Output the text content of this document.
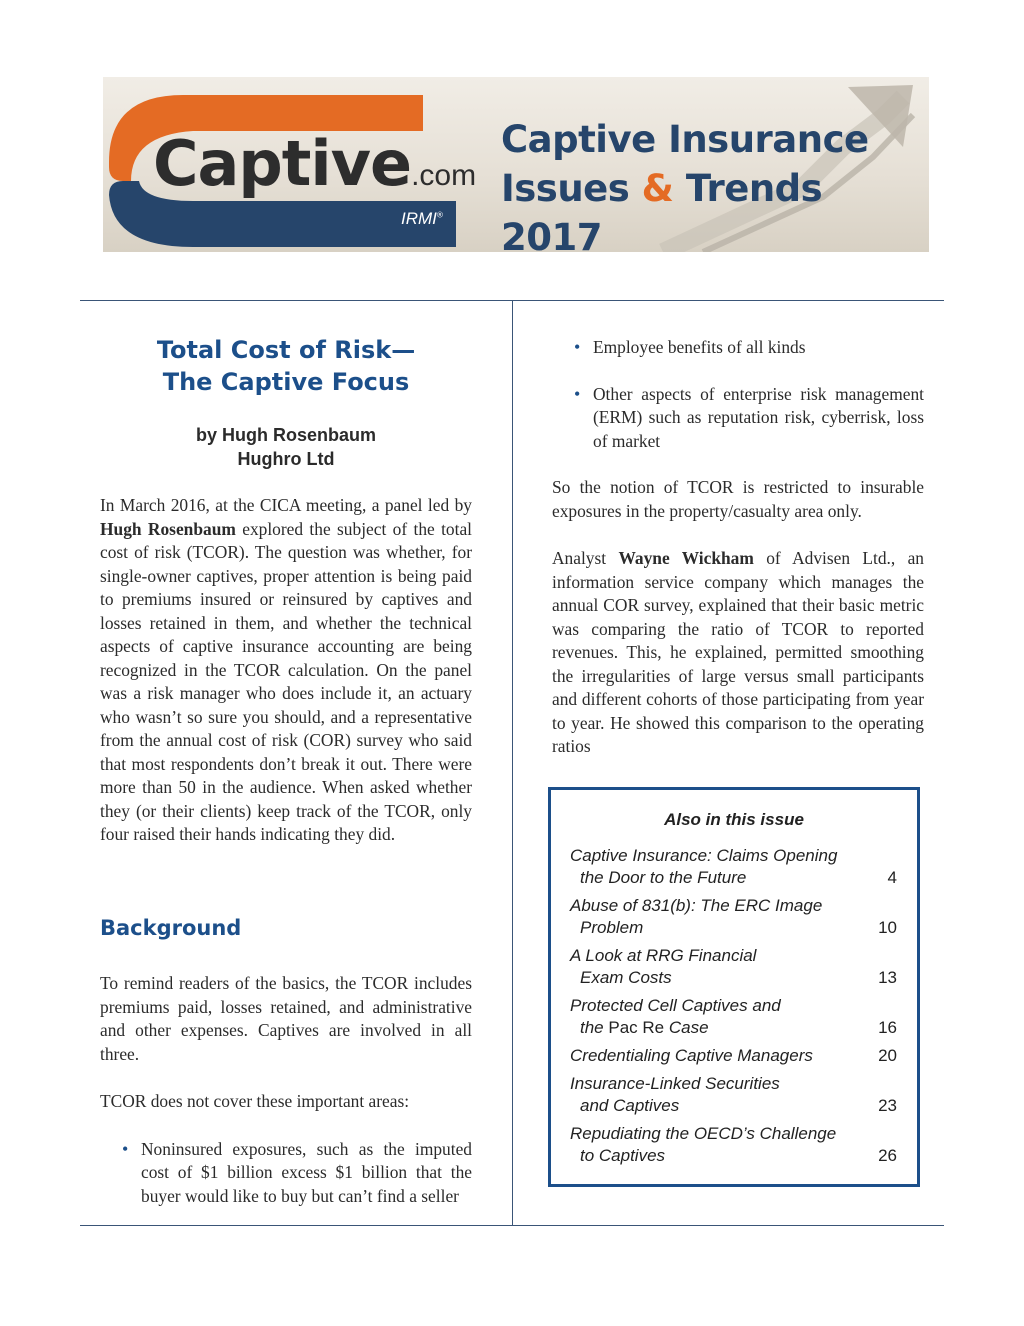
Captive.com
IRMI®
Captive Insurance
Issues & Trends 2017
Total Cost of Risk—
The Captive Focus
by Hugh Rosenbaum
Hughro Ltd

In March 2016, at the CICA meeting, a panel led by Hugh Rosenbaum explored the subject of the total cost of risk (TCOR). The question was whether, for single-owner captives, proper attention is being paid to premiums insured or reinsured by captives and losses retained in them, and whether the technical aspects of captive insurance accounting are being recognized in the TCOR calculation. On the panel was a risk manager who does include it, an actuary who wasn’t so sure you should, and a representative from the annual cost of risk (COR) survey who said that most respondents don’t break it out. There were more than 50 in the audience. When asked whether they (or their clients) keep track of the TCOR, only four raised their hands indicating they did.

Background

To remind readers of the basics, the TCOR includes premiums paid, losses retained, and administrative and other expenses. Captives are involved in all three.

TCOR does not cover these important areas:

• Noninsured exposures, such as the imputed cost of $1 billion excess $1 billion that the buyer would like to buy but can’t find a seller
• Employee benefits of all kinds
• Other aspects of enterprise risk management (ERM) such as reputation risk, cyberrisk, loss of market

So the notion of TCOR is restricted to insurable exposures in the property/casualty area only.

Analyst Wayne Wickham of Advisen Ltd., an information service company which manages the annual COR survey, explained that their basic metric was comparing the ratio of TCOR to reported revenues. This, he explained, permitted smoothing the irregularities of large versus small participants and different cohorts of those participating from year to year. He showed this comparison to the operating ratios

Also in this issue
Captive Insurance: Claims Opening
the Door to the Future	4
Abuse of 831(b): The ERC Image
Problem	10
A Look at RRG Financial
Exam Costs	13
Protected Cell Captives and
the Pac Re Case	16
Credentialing Captive Managers	20
Insurance-Linked Securities
and Captives	23
Repudiating the OECD’s Challenge
to Captives	26
